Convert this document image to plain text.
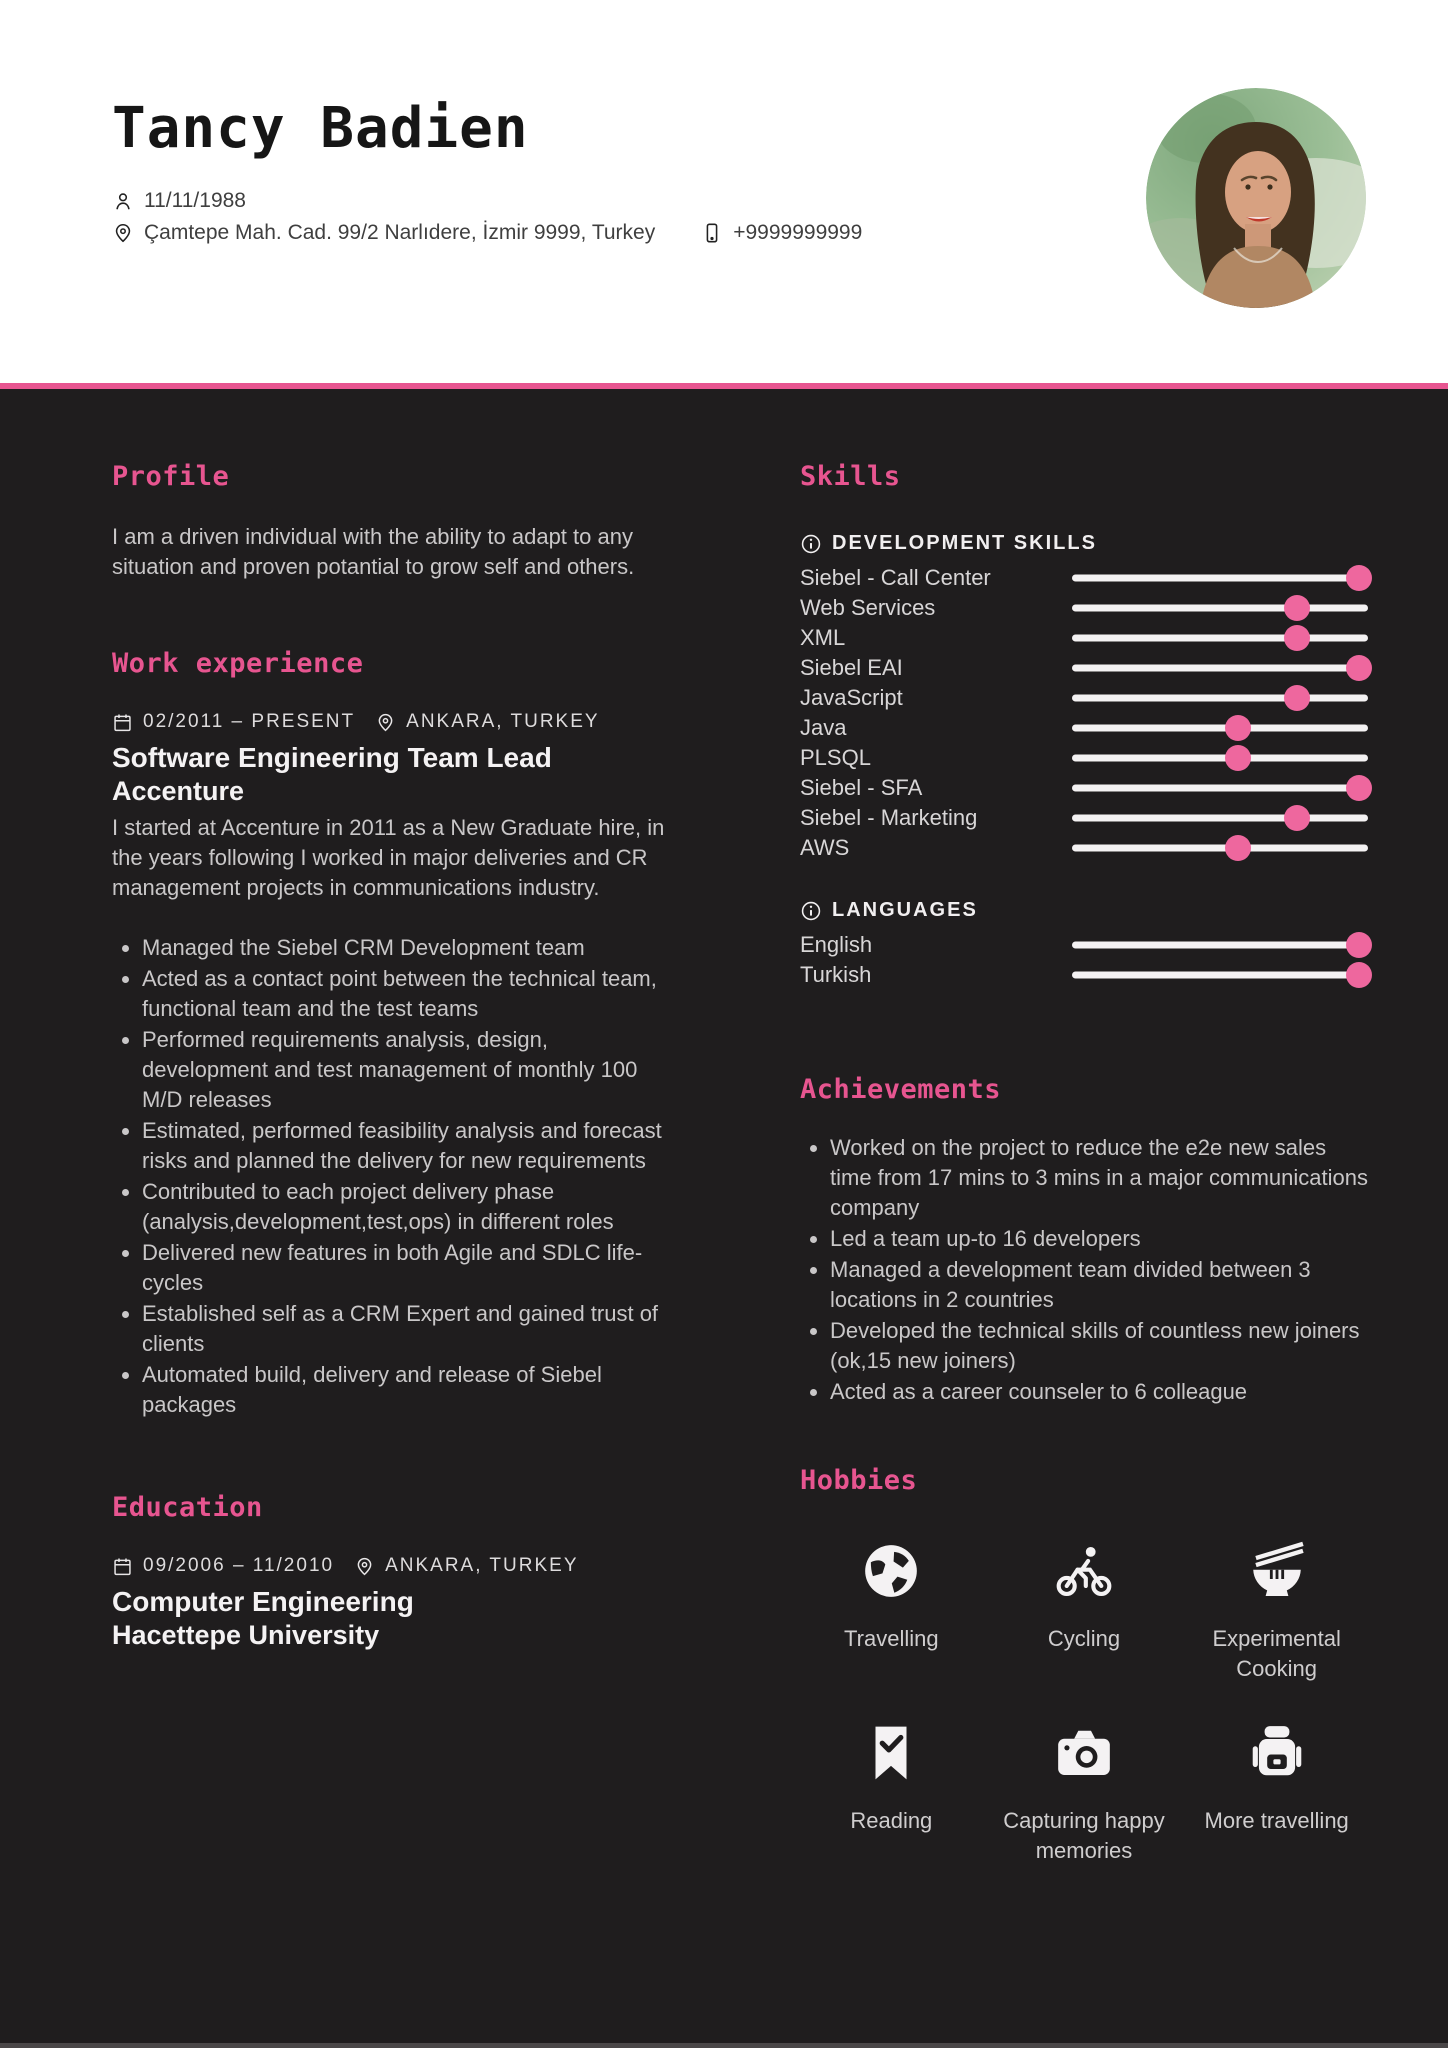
Tancy Badien
11/11/1988
Çamtepe Mah. Cad. 99/2 Narlıdere, İzmir 9999, Turkey	+9999999999
Profile
I am a driven individual with the ability to adapt to any situation and proven potantial to grow self and others.
Work experience
02/2011 – PRESENT	ANKARA, TURKEY
Software Engineering Team Lead
Accenture
I started at Accenture in 2011 as a New Graduate hire, in the years following I worked in major deliveries and CR management projects in communications industry.
• Managed the Siebel CRM Development team
• Acted as a contact point between the technical team, functional team and the test teams
• Performed requirements analysis, design, development and test management of monthly 100 M/D releases
• Estimated, performed feasibility analysis and forecast risks and planned the delivery for new requirements
• Contributed to each project delivery phase (analysis,development,test,ops) in different roles
• Delivered new features in both Agile and SDLC life-cycles
• Established self as a CRM Expert and gained trust of clients
• Automated build, delivery and release of Siebel packages
Education
09/2006 – 11/2010	ANKARA, TURKEY
Computer Engineering
Hacettepe University
Skills
DEVELOPMENT SKILLS
Siebel - Call Center
Web Services
XML
Siebel EAI
JavaScript
Java
PLSQL
Siebel - SFA
Siebel - Marketing
AWS
LANGUAGES
English
Turkish
Achievements
• Worked on the project to reduce the e2e new sales time from 17 mins to 3 mins in a major communications company
• Led a team up-to 16 developers
• Managed a development team divided between 3 locations in 2 countries
• Developed the technical skills of countless new joiners (ok,15 new joiners)
• Acted as a career counseler to 6 colleague
Hobbies
Travelling	Cycling	Experimental Cooking
Reading	Capturing happy memories
More travelling
